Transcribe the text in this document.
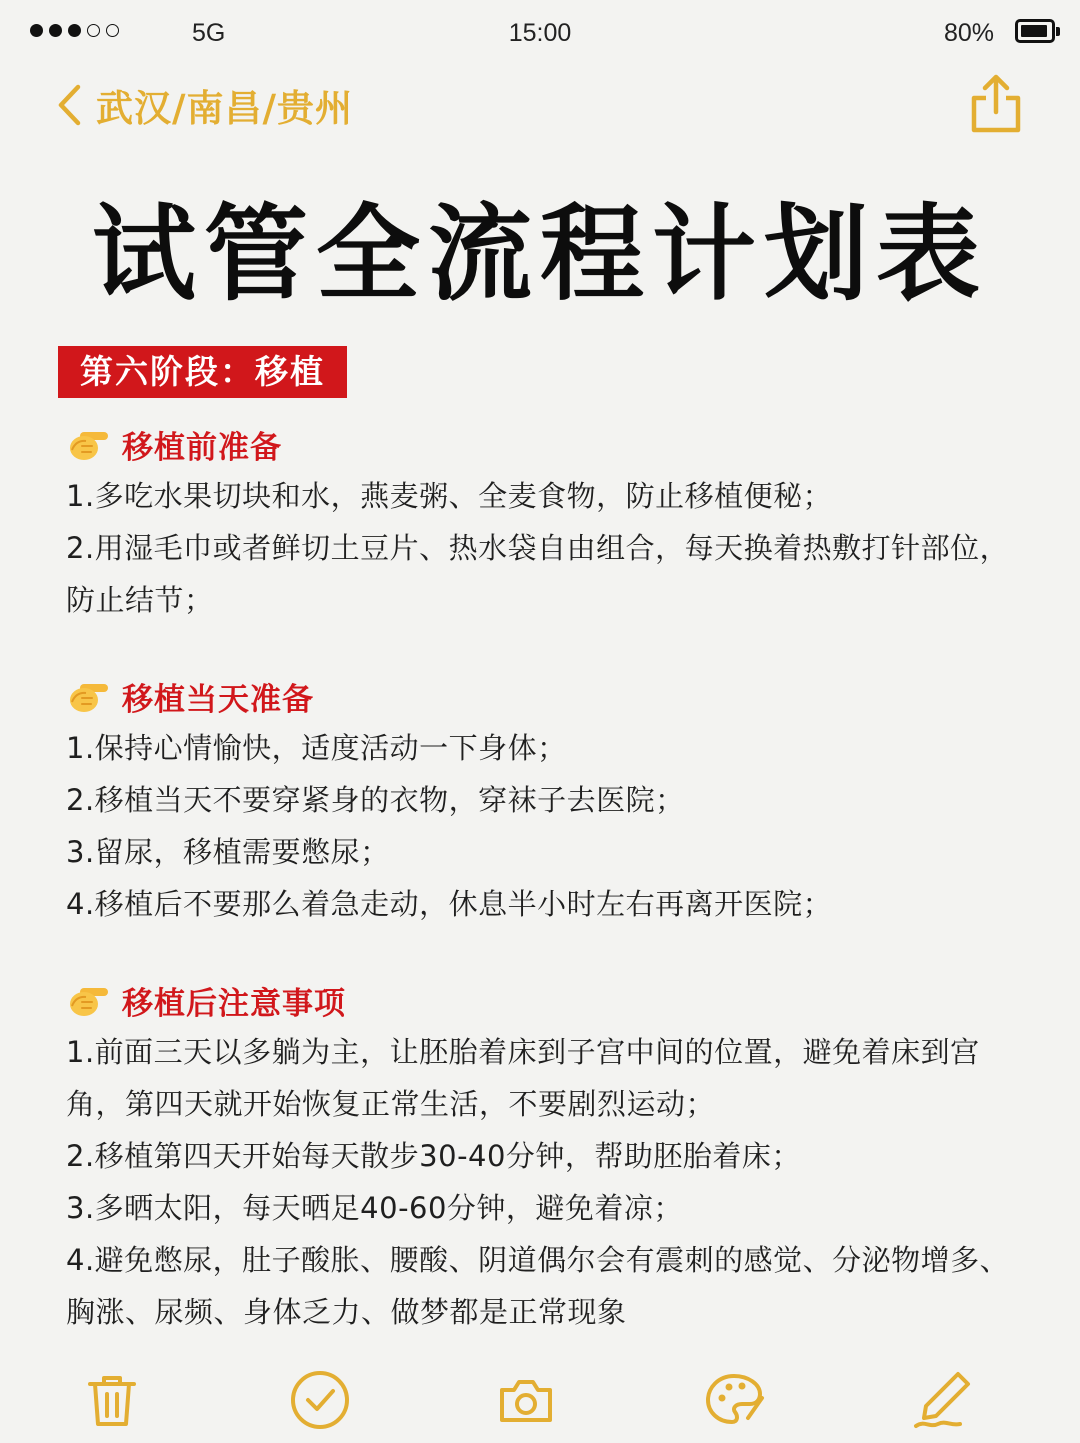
5G	15:00	80%
武汉/南昌/贵州
试管全流程计划表
第六阶段：移植
移植前准备
1.多吃水果切块和水，燕麦粥、全麦食物，防止移植便秘；
2.用湿毛巾或者鲜切土豆片、热水袋自由组合，每天换着热敷打针部位，防止结节；
移植当天准备
1.保持心情愉快，适度活动一下身体；
2.移植当天不要穿紧身的衣物，穿袜子去医院；
3.留尿，移植需要憋尿；
4.移植后不要那么着急走动，休息半小时左右再离开医院；
移植后注意事项
1.前面三天以多躺为主，让胚胎着床到子宫中间的位置，避免着床到宫角，第四天就开始恢复正常生活，不要剧烈运动；
2.移植第四天开始每天散步30-40分钟，帮助胚胎着床；
3.多晒太阳，每天晒足40-60分钟，避免着凉；
4.避免憋尿，肚子酸胀、腰酸、阴道偶尔会有震刺的感觉、分泌物增多、胸涨、尿频、身体乏力、做梦都是正常现象
